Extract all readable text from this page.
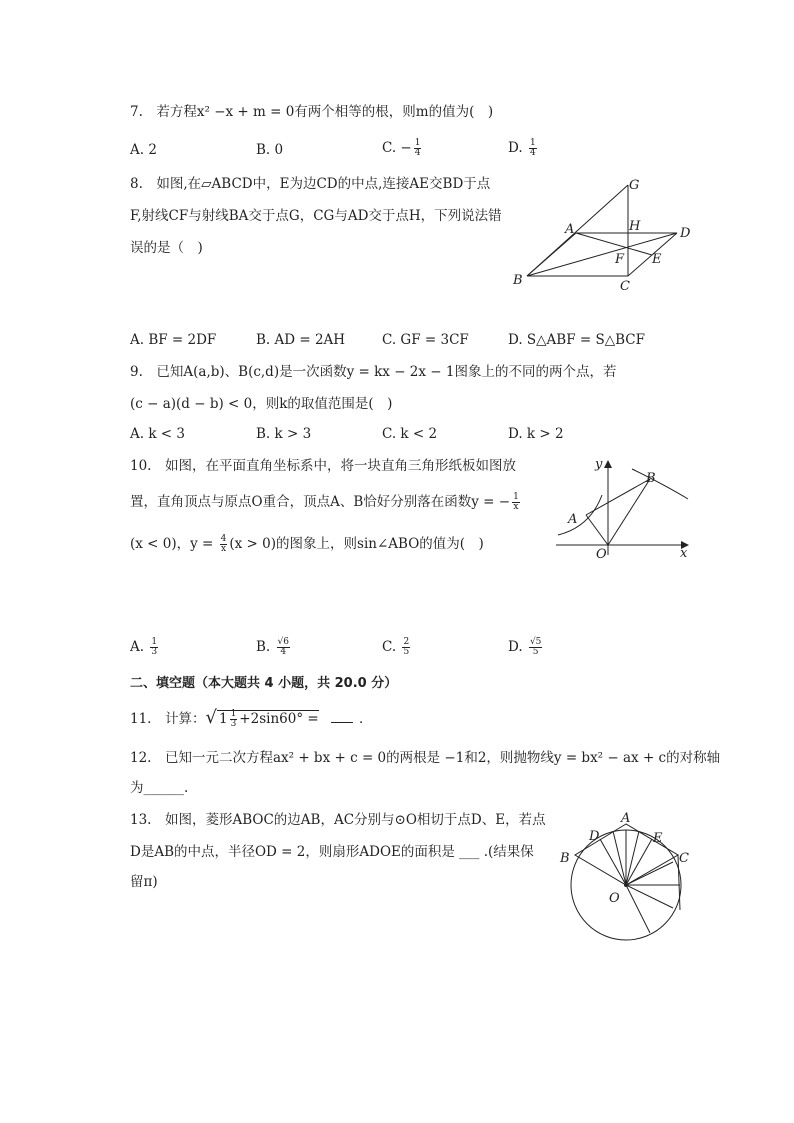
7.　若方程x² −x + m = 0有两个相等的根，则m的值为(　)
A. 2	B. 0	C. − $\frac{1}{4}$	D. $\frac{1}{4}$
8.　如图,在▱ABCD中，E为边CD的中点,连接AE交BD于点
F,射线CF与射线BA交于点G，CG与AD交于点H，下列说法错
误的是（　)
G
A	H	D
F E
B	C
A. BF = 2DF	B. AD = 2AH	C. GF = 3CF	D. S△ABF = S△BCF
9.　已知A(a,b)、B(c,d)是一次函数y = kx − 2x − 1图象上的不同的两个点，若
(c − a)(d − b) < 0，则k的取值范围是(　)
A. k < 3	B. k > 3	C. k < 2	D. k > 2
10.　如图，在平面直角坐标系中，将一块直角三角形纸板如图放
置，直角顶点与原点O重合，顶点A、B恰好分别落在函数y = − $\frac{1}{x}$
(x < 0)，$y = \frac{4}{x} (x > 0)$的图象上，则sin∠ABO的值为(　)
y
x
O
A
B
A. $\frac{1}{3}$	B. $\frac{√6}{4}$	C. $\frac{2}{5}$	D. $\frac{√5}{5}$
二、填空题（本大题共 4 小题，共 20.0 分）
11.　计算：√ $1 \frac{1}{3} +2\sin 60^\circ$ =	．
12.　已知一元二次方程ax² + bx + c = 0的两根是 −1和2，则抛物线y = bx² − ax + c的对称轴
为______.
13.　如图，菱形ABOC的边AB，AC分别与⊙O相切于点D、E，若点
D是AB的中点，半径OD = 2，则扇形ADOE的面积是 ___ .(结果保
留π)
A
B	C
D	E
O
